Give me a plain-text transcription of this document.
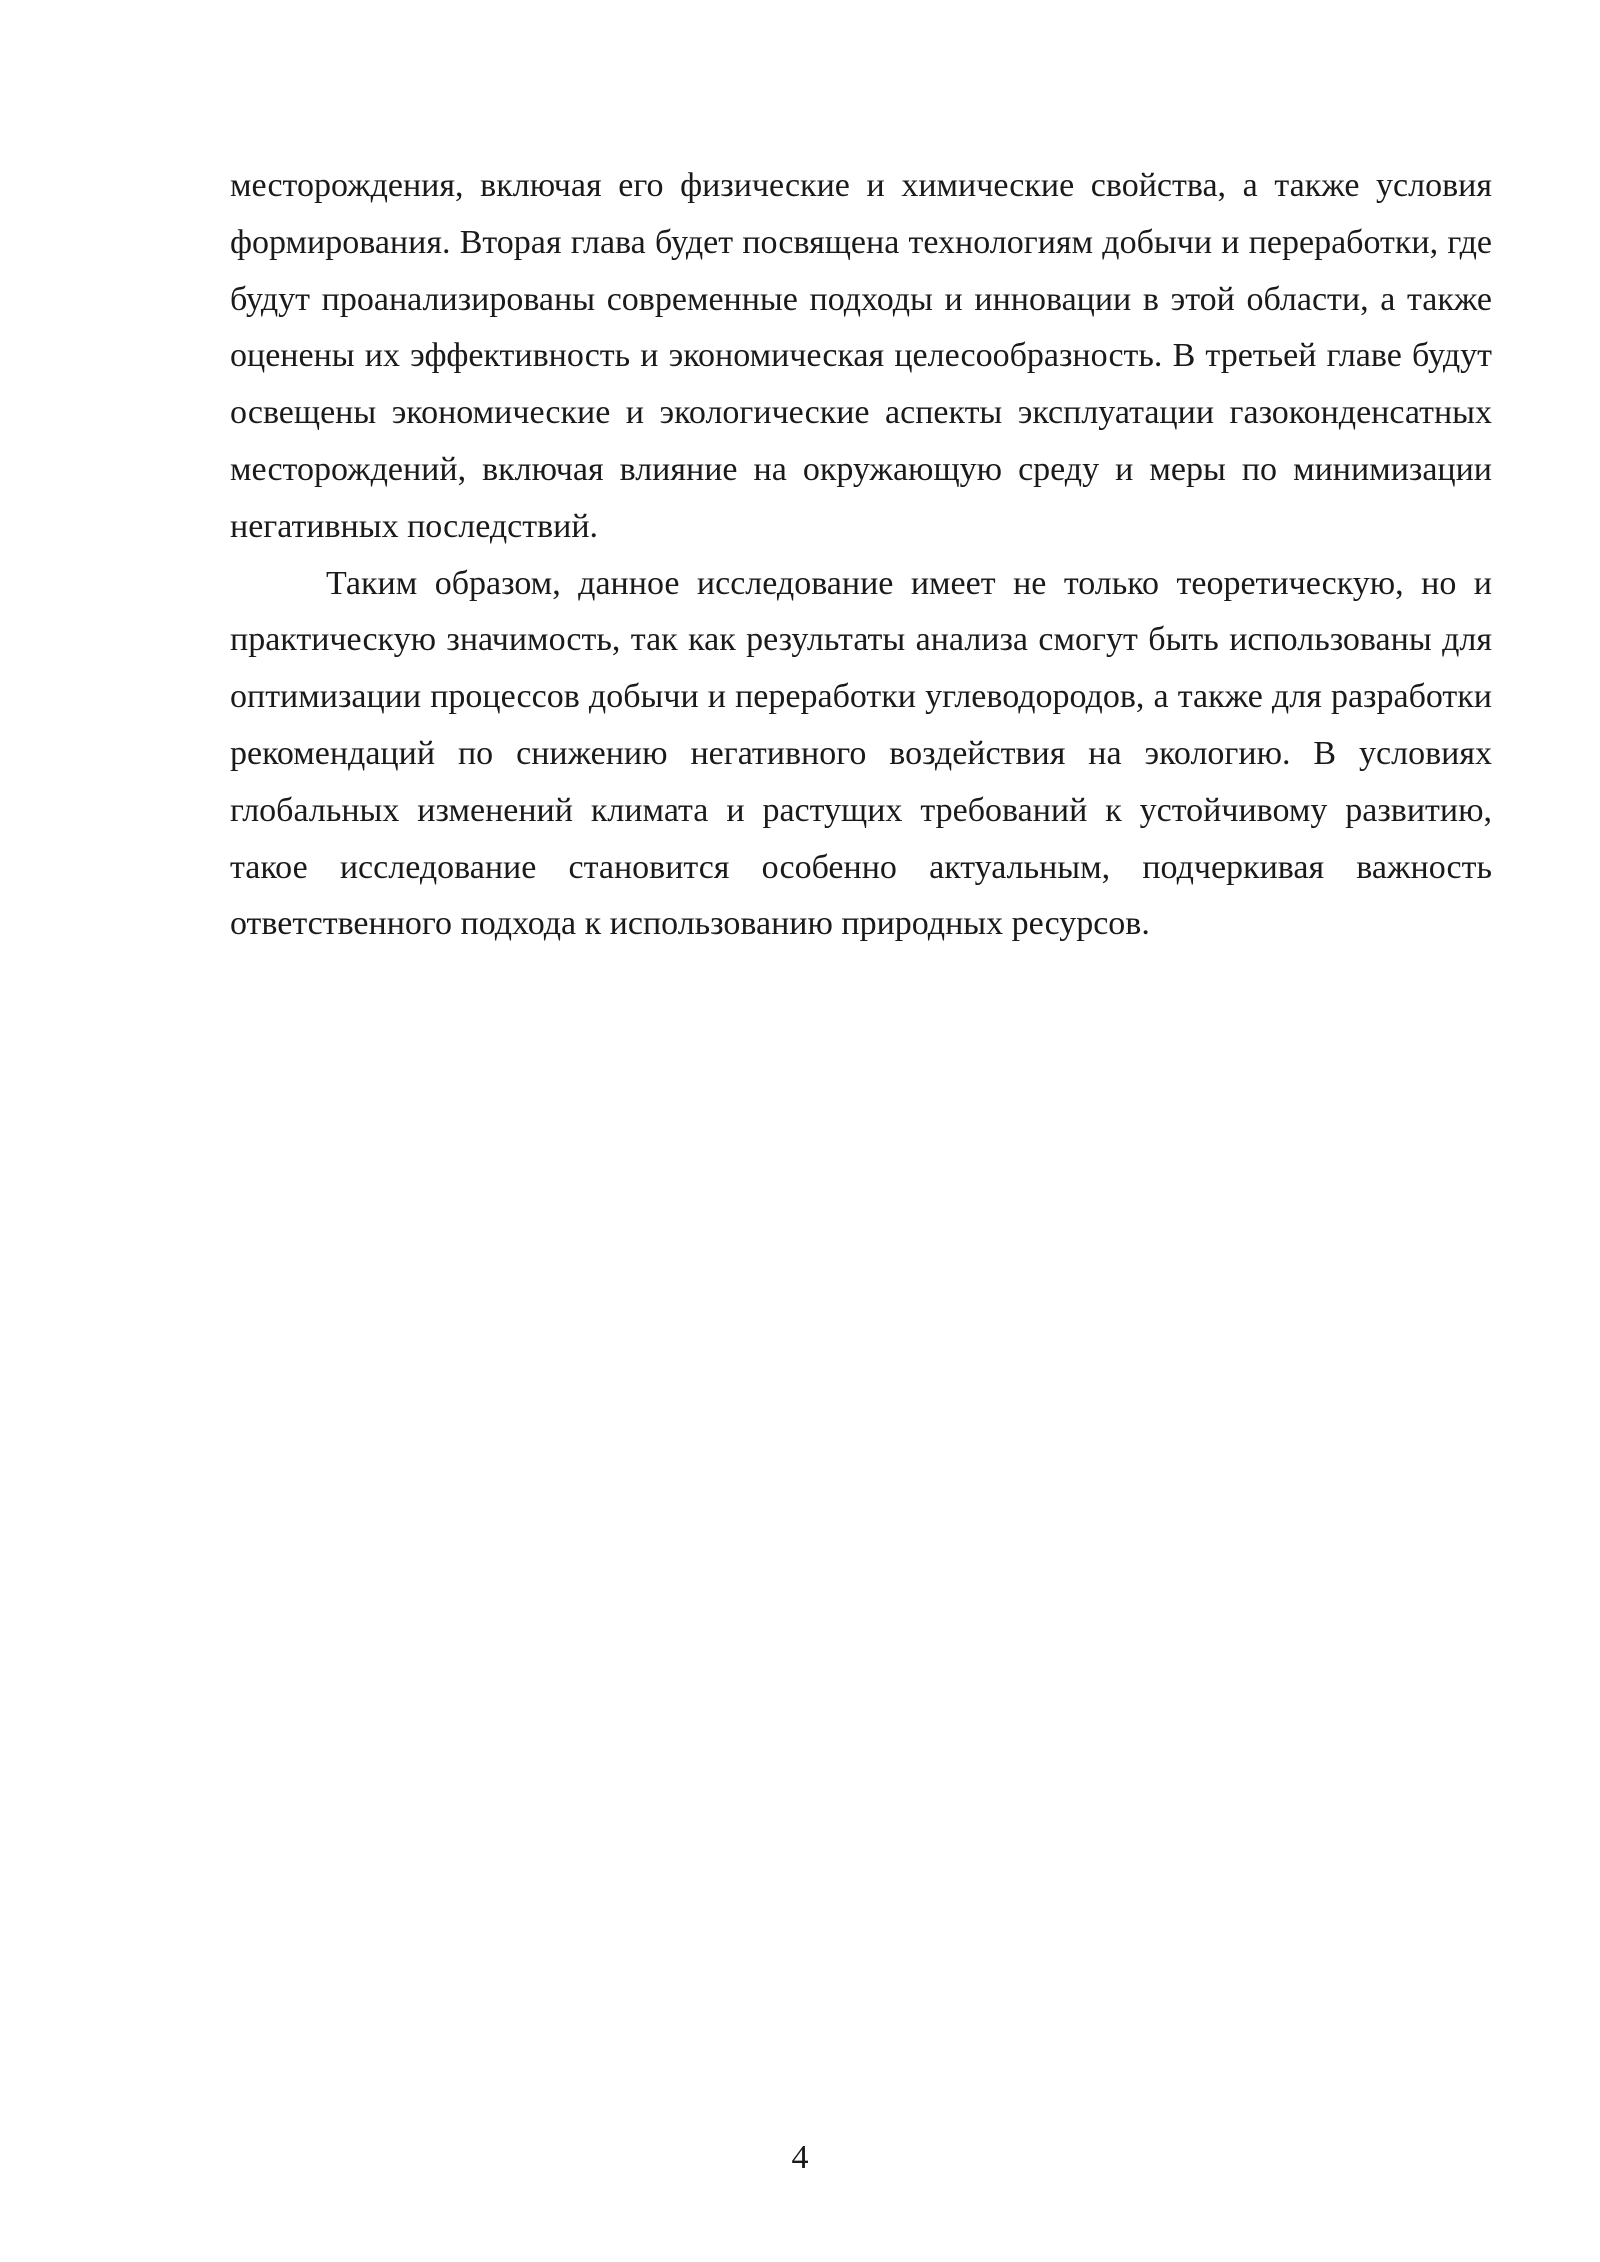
месторождения, включая его физические и химические свойства, а также условия формирования. Вторая глава будет посвящена технологиям добычи и переработки, где будут проанализированы современные подходы и инновации в этой области, а также оценены их эффективность и экономическая целесообразность. В третьей главе будут освещены экономические и экологические аспекты эксплуатации газоконденсатных месторождений, включая влияние на окружающую среду и меры по минимизации негативных последствий.

Таким образом, данное исследование имеет не только теоретическую, но и практическую значимость, так как результаты анализа смогут быть использованы для оптимизации процессов добычи и переработки углеводородов, а также для разработки рекомендаций по снижению негативного воздействия на экологию. В условиях глобальных изменений климата и растущих требований к устойчивому развитию, такое исследование становится особенно актуальным, подчеркивая важность ответственного подхода к использованию природных ресурсов.

4
